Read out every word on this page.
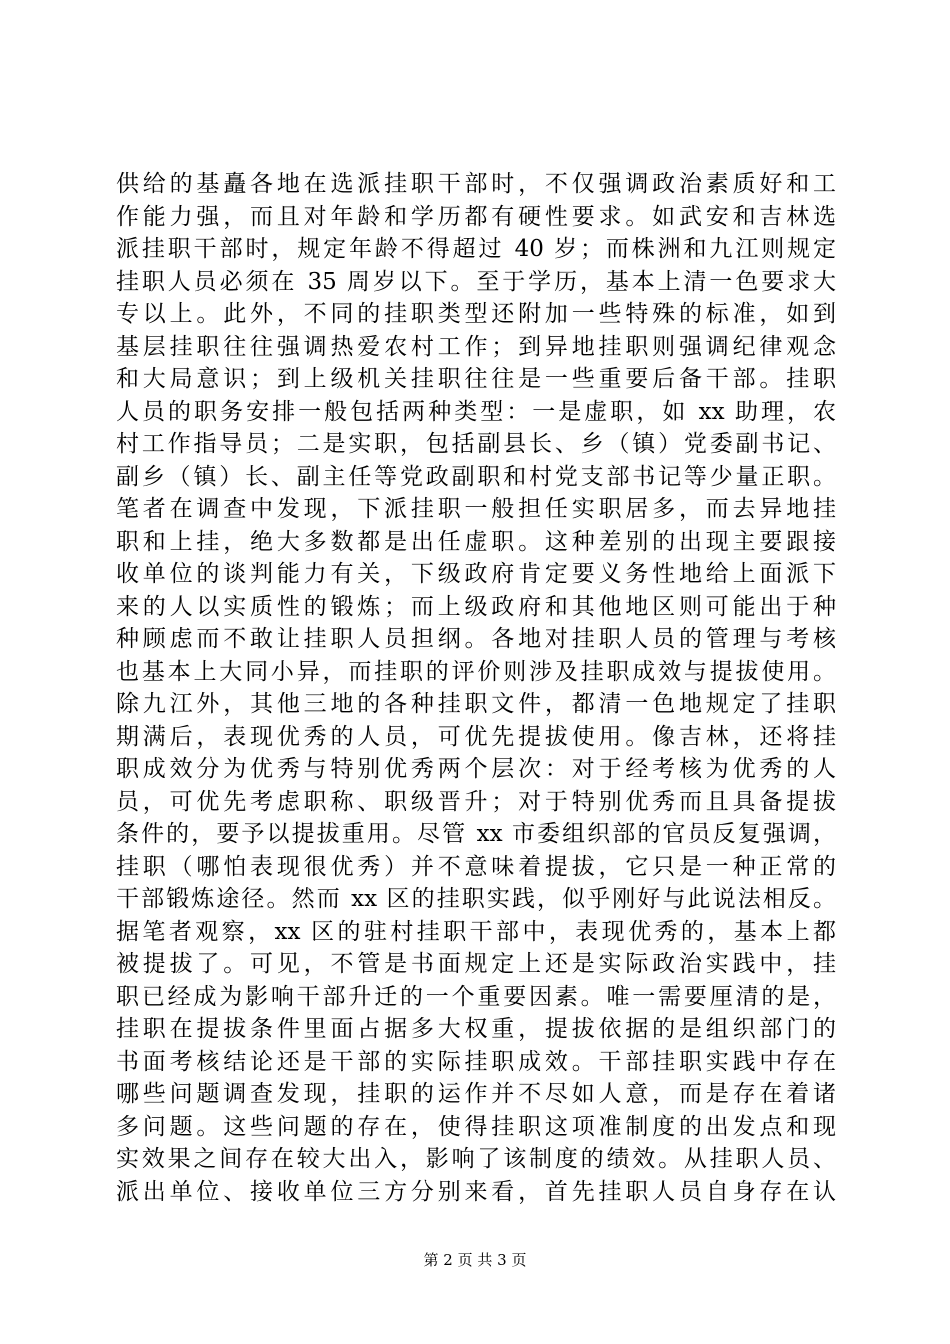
供给的基矗各地在选派挂职干部时，不仅强调政治素质好和工
作能力强，而且对年龄和学历都有硬性要求。如武安和吉林选
派挂职干部时，规定年龄不得超过 40 岁；而株洲和九江则规定
挂职人员必须在 35 周岁以下。至于学历，基本上清一色要求大
专以上。此外，不同的挂职类型还附加一些特殊的标准，如到
基层挂职往往强调热爱农村工作；到异地挂职则强调纪律观念
和大局意识；到上级机关挂职往往是一些重要后备干部。挂职
人员的职务安排一般包括两种类型：一是虚职，如 xx 助理，农
村工作指导员；二是实职，包括副县长、乡（镇）党委副书记、
副乡（镇）长、副主任等党政副职和村党支部书记等少量正职。
笔者在调查中发现，下派挂职一般担任实职居多，而去异地挂
职和上挂，绝大多数都是出任虚职。这种差别的出现主要跟接
收单位的谈判能力有关，下级政府肯定要义务性地给上面派下
来的人以实质性的锻炼；而上级政府和其他地区则可能出于种
种顾虑而不敢让挂职人员担纲。各地对挂职人员的管理与考核
也基本上大同小异，而挂职的评价则涉及挂职成效与提拔使用。
除九江外，其他三地的各种挂职文件，都清一色地规定了挂职
期满后，表现优秀的人员，可优先提拔使用。像吉林，还将挂
职成效分为优秀与特别优秀两个层次：对于经考核为优秀的人
员，可优先考虑职称、职级晋升；对于特别优秀而且具备提拔
条件的，要予以提拔重用。尽管 xx 市委组织部的官员反复强调，
挂职（哪怕表现很优秀）并不意味着提拔，它只是一种正常的
干部锻炼途径。然而 xx 区的挂职实践，似乎刚好与此说法相反。
据笔者观察，xx 区的驻村挂职干部中，表现优秀的，基本上都
被提拔了。可见，不管是书面规定上还是实际政治实践中，挂
职已经成为影响干部升迁的一个重要因素。唯一需要厘清的是，
挂职在提拔条件里面占据多大权重，提拔依据的是组织部门的
书面考核结论还是干部的实际挂职成效。干部挂职实践中存在
哪些问题调查发现，挂职的运作并不尽如人意，而是存在着诸
多问题。这些问题的存在，使得挂职这项准制度的出发点和现
实效果之间存在较大出入，影响了该制度的绩效。从挂职人员、
派出单位、接收单位三方分别来看，首先挂职人员自身存在认
第 2 页 共 3 页
